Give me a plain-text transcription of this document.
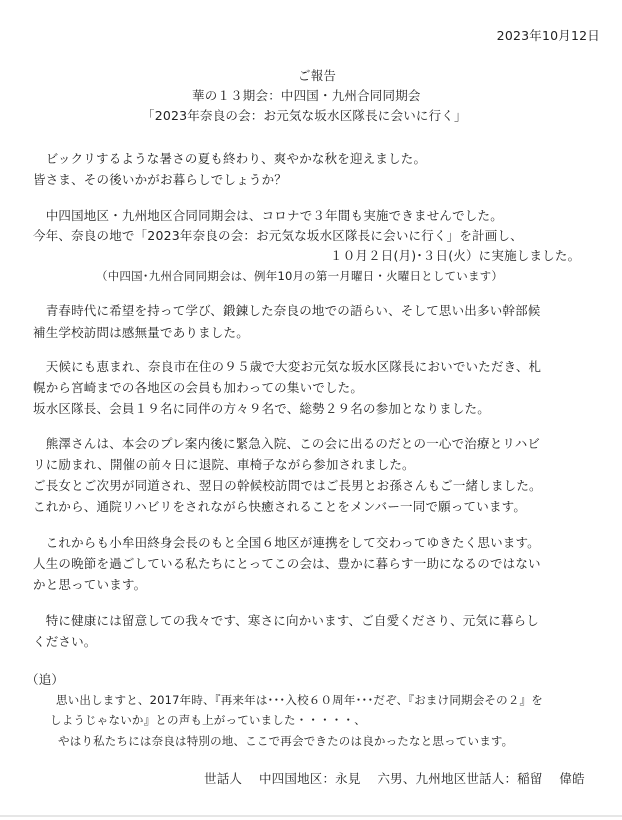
2023年10月12日
ご報告
華の１３期会：中四国・九州合同同期会
「2023年奈良の会：お元気な坂水区隊長に会いに行く」
　ビックリするような暑さの夏も終わり、爽やかな秋を迎えました。
皆さま、その後いかがお暮らしでしょうか？
　中四国地区・九州地区合同同期会は、コロナで３年間も実施できませんでした。
今年、奈良の地で「2023年奈良の会：お元気な坂水区隊長に会いに行く」を計画し、
１０月２日(月)･３日(火）に実施しました。
（中四国･九州合同同期会は、例年10月の第一月曜日・火曜日としています）
　青春時代に希望を持って学び、鍛錬した奈良の地での語らい、そして思い出多い幹部候
補生学校訪問は感無量でありました。
　天候にも恵まれ、奈良市在住の９５歳で大変お元気な坂水区隊長においでいただき、札
幌から宮崎までの各地区の会員も加わっての集いでした。
坂水区隊長、会員１９名に同伴の方々９名で、総勢２９名の参加となりました。
　熊澤さんは、本会のプレ案内後に緊急入院、この会に出るのだとの一心で治療とリハビ
リに励まれ、開催の前々日に退院、車椅子ながら参加されました。
ご長女とご次男が同道され、翌日の幹候校訪問ではご長男とお孫さんもご一緒しました。
これから、通院リハビリをされながら快癒されることをメンバー一同で願っています。
　これからも小牟田終身会長のもと全国６地区が連携をして交わってゆきたく思います。
人生の晩節を過ごしている私たちにとってこの会は、豊かに暮らす一助になるのではない
かと思っています。
　特に健康には留意しての我々です、寒さに向かいます、ご自愛くださり、元気に暮らし
ください。
（追）
思い出しますと、2017年時、『再来年は･･･入校６０周年･･･だぞ、『おまけ同期会その２』を
しようじゃないか』との声も上がっていました・・・・・、
やはり私たちには奈良は特別の地、ここで再会できたのは良かったなと思っています。
世話人　 中四国地区：永見　 六男、九州地区世話人：稲留　 偉皓
